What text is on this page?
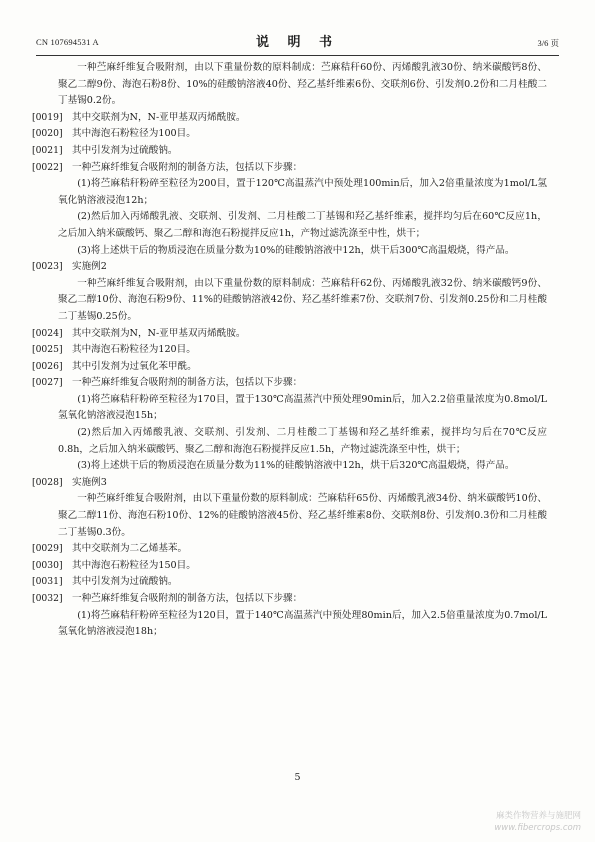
CN 107694531 A	说 明 书	3/6 页

一种苎麻纤维复合吸附剂，由以下重量份数的原料制成：苎麻秸秆60份、丙烯酸乳液30份、纳米碳酸钙8份、聚乙二醇9份、海泡石粉8份、10%的硅酸钠溶液40份、羟乙基纤维素6份、交联剂6份、引发剂0.2份和二月桂酸二丁基锡0.2份。

[0019] 其中交联剂为N，N-亚甲基双丙烯酰胺。

[0020] 其中海泡石粉粒径为100目。

[0021] 其中引发剂为过硫酸钠。

[0022] 一种苎麻纤维复合吸附剂的制备方法，包括以下步骤：

(1)将苎麻秸秆粉碎至粒径为200目，置于120℃高温蒸汽中预处理100min后，加入2倍重量浓度为1mol/L氢氧化钠溶液浸泡12h；

(2)然后加入丙烯酸乳液、交联剂、引发剂、二月桂酸二丁基锡和羟乙基纤维素，搅拌均匀后在60℃反应1h，之后加入纳米碳酸钙、聚乙二醇和海泡石粉搅拌反应1h，产物过滤洗涤至中性，烘干；

(3)将上述烘干后的物质浸泡在质量分数为10%的硅酸钠溶液中12h，烘干后300℃高温煅烧，得产品。

[0023] 实施例2

一种苎麻纤维复合吸附剂，由以下重量份数的原料制成：苎麻秸秆62份、丙烯酸乳液32份、纳米碳酸钙9份、聚乙二醇10份、海泡石粉9份、11%的硅酸钠溶液42份、羟乙基纤维素7份、交联剂7份、引发剂0.25份和二月桂酸二丁基锡0.25份。

[0024] 其中交联剂为N，N-亚甲基双丙烯酰胺。

[0025] 其中海泡石粉粒径为120目。

[0026] 其中引发剂为过氧化苯甲酰。

[0027] 一种苎麻纤维复合吸附剂的制备方法，包括以下步骤：

(1)将苎麻秸秆粉碎至粒径为170目，置于130℃高温蒸汽中预处理90min后，加入2.2倍重量浓度为0.8mol/L氢氧化钠溶液浸泡15h；

(2)然后加入丙烯酸乳液、交联剂、引发剂、二月桂酸二丁基锡和羟乙基纤维素，搅拌均匀后在70℃反应0.8h，之后加入纳米碳酸钙、聚乙二醇和海泡石粉搅拌反应1.5h，产物过滤洗涤至中性，烘干；

(3)将上述烘干后的物质浸泡在质量分数为11%的硅酸钠溶液中12h，烘干后320℃高温煅烧，得产品。

[0028] 实施例3

一种苎麻纤维复合吸附剂，由以下重量份数的原料制成：苎麻秸秆65份、丙烯酸乳液34份、纳米碳酸钙10份、聚乙二醇11份、海泡石粉10份、12%的硅酸钠溶液45份、羟乙基纤维素8份、交联剂8份、引发剂0.3份和二月桂酸二丁基锡0.3份。

[0029] 其中交联剂为二乙烯基苯。

[0030] 其中海泡石粉粒径为150目。

[0031] 其中引发剂为过硫酸钠。

[0032] 一种苎麻纤维复合吸附剂的制备方法，包括以下步骤：

(1)将苎麻秸秆粉碎至粒径为120目，置于140℃高温蒸汽中预处理80min后，加入2.5倍重量浓度为0.7mol/L氢氧化钠溶液浸泡18h；

5
麻类作物营养与施肥网
www.fibercrops.com
